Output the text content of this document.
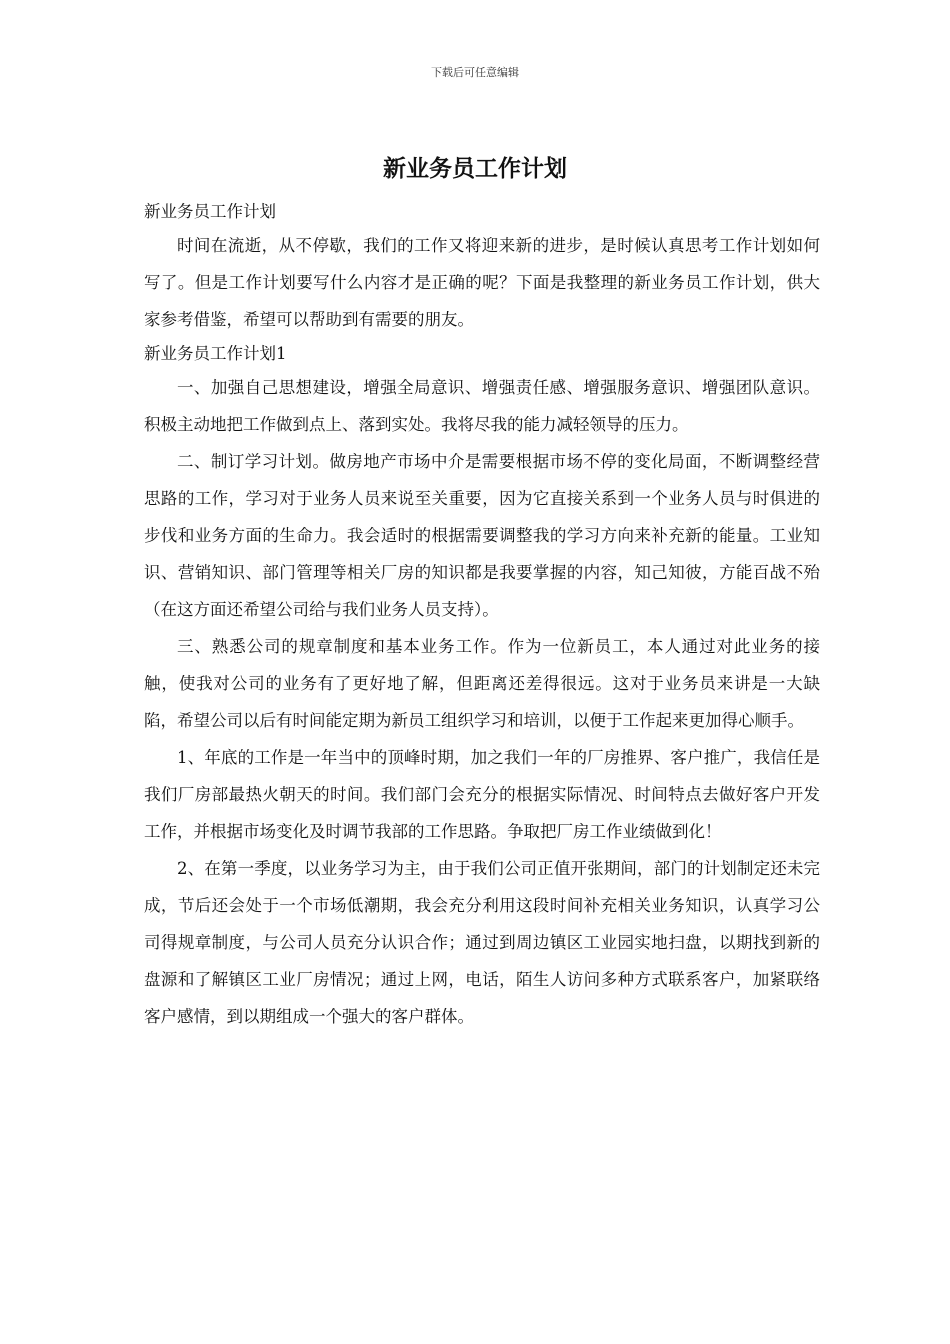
下载后可任意编辑
新业务员工作计划

新业务员工作计划

时间在流逝，从不停歇，我们的工作又将迎来新的进步，是时候认真思考工作计划如何写了。但是工作计划要写什么内容才是正确的呢？下面是我整理的新业务员工作计划，供大家参考借鉴，希望可以帮助到有需要的朋友。

新业务员工作计划1

一、加强自己思想建设，增强全局意识、增强责任感、增强服务意识、增强团队意识。积极主动地把工作做到点上、落到实处。我将尽我的能力减轻领导的压力。

二、制订学习计划。做房地产市场中介是需要根据市场不停的变化局面，不断调整经营思路的工作，学习对于业务人员来说至关重要，因为它直接关系到一个业务人员与时俱进的步伐和业务方面的生命力。我会适时的根据需要调整我的学习方向来补充新的能量。工业知识、营销知识、部门管理等相关厂房的知识都是我要掌握的内容，知己知彼，方能百战不殆（在这方面还希望公司给与我们业务人员支持）。

三、熟悉公司的规章制度和基本业务工作。作为一位新员工，本人通过对此业务的接触，使我对公司的业务有了更好地了解，但距离还差得很远。这对于业务员来讲是一大缺陷，希望公司以后有时间能定期为新员工组织学习和培训，以便于工作起来更加得心顺手。

1、年底的工作是一年当中的顶峰时期，加之我们一年的厂房推界、客户推广，我信任是我们厂房部最热火朝天的时间。我们部门会充分的根据实际情况、时间特点去做好客户开发工作，并根据市场变化及时调节我部的工作思路。争取把厂房工作业绩做到化！

2、在第一季度，以业务学习为主，由于我们公司正值开张期间，部门的计划制定还未完成，节后还会处于一个市场低潮期，我会充分利用这段时间补充相关业务知识，认真学习公司得规章制度，与公司人员充分认识合作；通过到周边镇区工业园实地扫盘，以期找到新的盘源和了解镇区工业厂房情况；通过上网，电话，陌生人访问多种方式联系客户，加紧联络客户感情，到以期组成一个强大的客户群体。
